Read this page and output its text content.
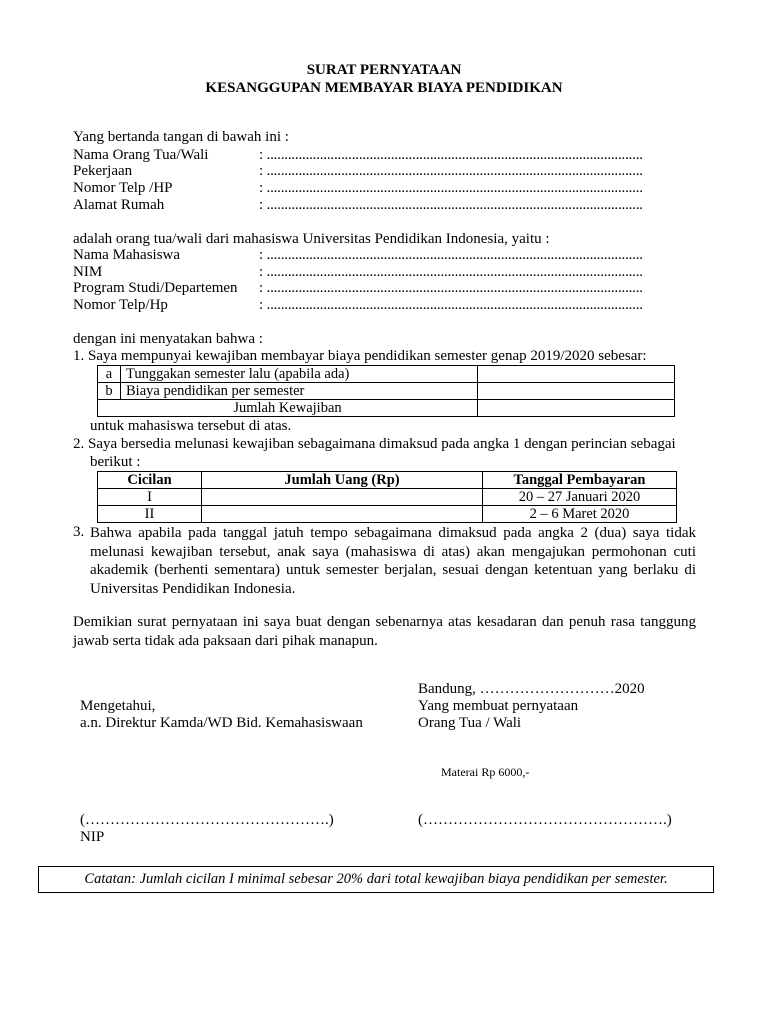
SURAT PERNYATAAN
KESANGGUPAN MEMBAYAR BIAYA PENDIDIKAN
Yang bertanda tangan di bawah ini :
Nama Orang Tua/Wali	: ..........................................................................................................
Pekerjaan	: ..........................................................................................................
Nomor Telp /HP	: ..........................................................................................................
Alamat Rumah	: ..........................................................................................................
adalah orang tua/wali dari mahasiswa Universitas Pendidikan Indonesia, yaitu :
Nama Mahasiswa	: ..........................................................................................................
NIM	: ..........................................................................................................
Program Studi/Departemen : ..........................................................................................................
Nomor Telp/Hp	: ..........................................................................................................
dengan ini menyatakan bahwa :
1. Saya mempunyai kewajiban membayar biaya pendidikan semester genap 2019/2020 sebesar:
a	Tunggakan semester lalu (apabila ada)	
b	Biaya pendidikan per semester	
Jumlah Kewajiban		
untuk mahasiswa tersebut di atas.
2. Saya bersedia melunasi kewajiban sebagaimana dimaksud pada angka 1 dengan perincian sebagai
berikut :
Cicilan	Jumlah Uang (Rp)	Tanggal Pembayaran
I		20 – 27 Januari 2020
II		2 – 6 Maret 2020
3. Bahwa apabila pada tanggal jatuh tempo sebagaimana dimaksud pada angka 2 (dua) saya tidak melunasi kewajiban tersebut, anak saya (mahasiswa di atas) akan mengajukan permohonan cuti akademik (berhenti sementara) untuk semester berjalan, sesuai dengan ketentuan yang berlaku di Universitas Pendidikan Indonesia.
Demikian surat pernyataan ini saya buat dengan sebenarnya atas kesadaran dan penuh rasa tanggung jawab serta tidak ada paksaan dari pihak manapun.
Bandung, ………………………2020
Yang membuat pernyataan
Orang Tua / Wali
Mengetahui,
a.n. Direktur Kamda/WD Bid. Kemahasiswaan
Materai Rp 6000,-
(………………………………………….)	(………………………………………….)
NIP
Catatan: Jumlah cicilan I minimal sebesar 20% dari total kewajiban biaya pendidikan per semester.
